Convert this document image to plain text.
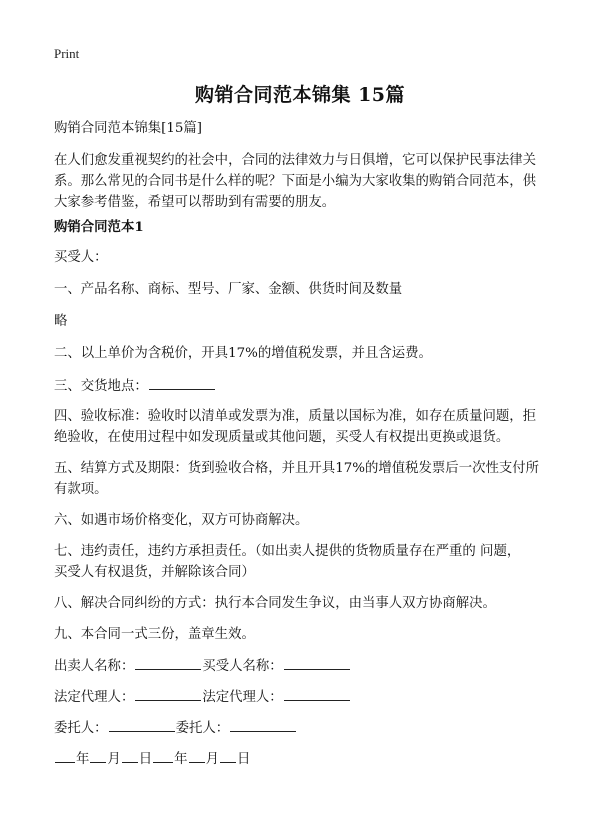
Print

购销合同范本锦集 15篇

购销合同范本锦集[15篇]

在人们愈发重视契约的社会中，合同的法律效力与日俱增，它可以保护民事法律关

系。那么常见的合同书是什么样的呢？下面是小编为大家收集的购销合同范本，供

大家参考借鉴，希望可以帮助到有需要的朋友。

购销合同范本1

买受人：

一、产品名称、商标、型号、厂家、金额、供货时间及数量

略

二、以上单价为含税价，开具17%的增值税发票，并且含运费。

三、交货地点：

四、验收标准：验收时以清单或发票为准，质量以国标为准，如存在质量问题，拒

绝验收，在使用过程中如发现质量或其他问题，买受人有权提出更换或退货。

五、结算方式及期限：货到验收合格，并且开具17%的增值税发票后一次性支付所

有款项。

六、如遇市场价格变化，双方可协商解决。

七、违约责任，违约方承担责任。（如出卖人提供的货物质量存在严重的 问题，

买受人有权退货，并解除该合同）

八、解决合同纠纷的方式：执行本合同发生争议，由当事人双方协商解决。

九、本合同一式三份，盖章生效。

出卖人名称：	买受人名称：

法定代理人：	法定代理人：

委托人：	委托人：

年 月 日 年 月 日
